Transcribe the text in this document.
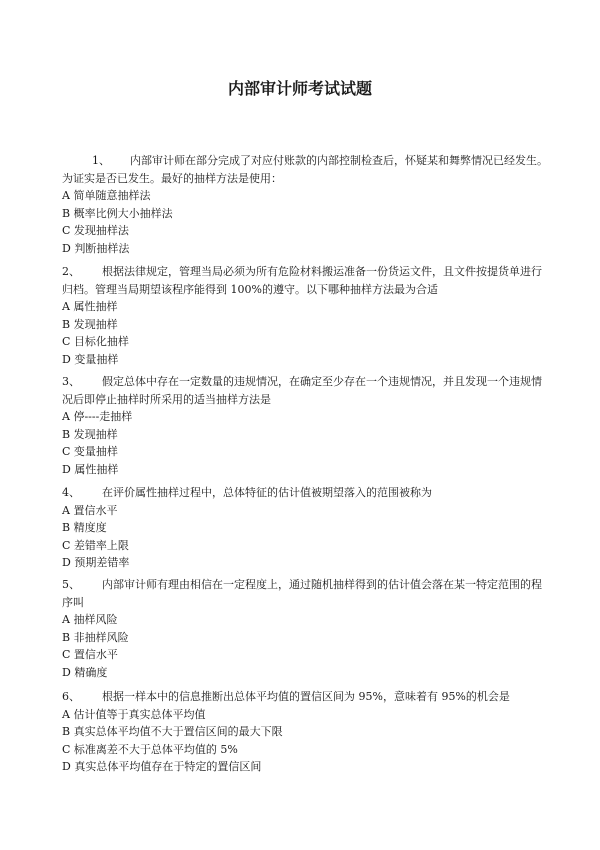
内部审计师考试试题

1、 内部审计师在部分完成了对应付账款的内部控制检查后，怀疑某和舞弊情况已经发生。为证实是否已发生。最好的抽样方法是使用：

A 简单随意抽样法

B 概率比例大小抽样法

C 发现抽样法

D 判断抽样法

2、 根据法律规定，管理当局必须为所有危险材料搬运准备一份货运文件，且文件按提货单进行归档。管理当局期望该程序能得到 100%的遵守。以下哪种抽样方法最为合适

A 属性抽样

B 发现抽样

C 目标化抽样

D 变量抽样

3、 假定总体中存在一定数量的违规情况，在确定至少存在一个违规情况，并且发现一个违规情况后即停止抽样时所采用的适当抽样方法是

A 停----走抽样

B 发现抽样

C 变量抽样

D 属性抽样

4、 在评价属性抽样过程中，总体特征的估计值被期望落入的范围被称为

A 置信水平

B 精度度

C 差错率上限

D 预期差错率

5、 内部审计师有理由相信在一定程度上，通过随机抽样得到的估计值会落在某一特定范围的程序叫

A 抽样风险

B 非抽样风险

C 置信水平

D 精确度

6、 根据一样本中的信息推断出总体平均值的置信区间为 95%，意味着有 95%的机会是

A 估计值等于真实总体平均值

B 真实总体平均值不大于置信区间的最大下限

C 标准离差不大于总体平均值的 5%

D 真实总体平均值存在于特定的置信区间
